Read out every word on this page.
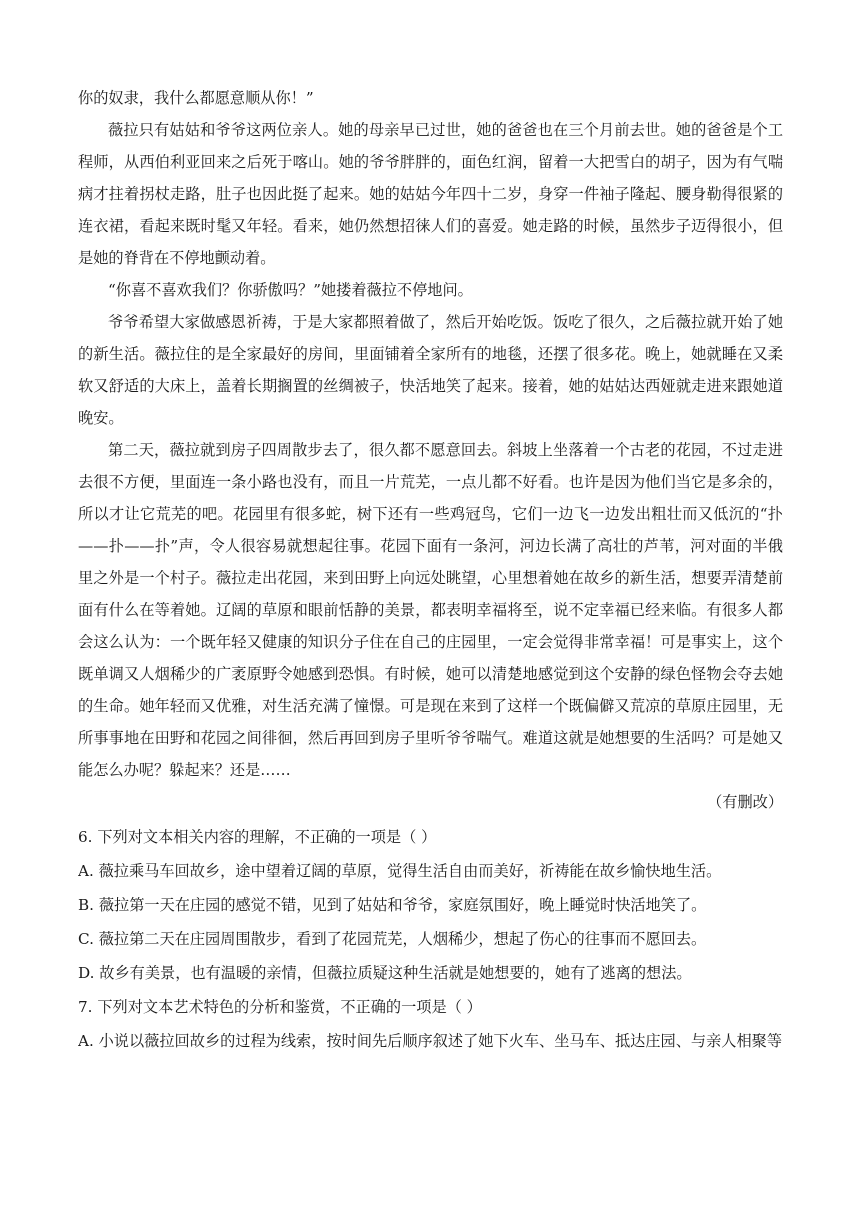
你的奴隶，我什么都愿意顺从你！”
薇拉只有姑姑和爷爷这两位亲人。她的母亲早已过世，她的爸爸也在三个月前去世。她的爸爸是个工
程师，从西伯利亚回来之后死于喀山。她的爷爷胖胖的，面色红润，留着一大把雪白的胡子，因为有气喘
病才拄着拐杖走路，肚子也因此挺了起来。她的姑姑今年四十二岁，身穿一件袖子隆起、腰身勒得很紧的
连衣裙，看起来既时髦又年轻。看来，她仍然想招徕人们的喜爱。她走路的时候，虽然步子迈得很小，但
是她的脊背在不停地颤动着。
“你喜不喜欢我们？你骄傲吗？”她搂着薇拉不停地问。
爷爷希望大家做感恩祈祷，于是大家都照着做了，然后开始吃饭。饭吃了很久，之后薇拉就开始了她
的新生活。薇拉住的是全家最好的房间，里面铺着全家所有的地毯，还摆了很多花。晚上，她就睡在又柔
软又舒适的大床上，盖着长期搁置的丝绸被子，快活地笑了起来。接着，她的姑姑达西娅就走进来跟她道
晚安。
第二天，薇拉就到房子四周散步去了，很久都不愿意回去。斜坡上坐落着一个古老的花园，不过走进
去很不方便，里面连一条小路也没有，而且一片荒芜，一点儿都不好看。也许是因为他们当它是多余的，
所以才让它荒芜的吧。花园里有很多蛇，树下还有一些鸡冠鸟，它们一边飞一边发出粗壮而又低沉的“扑
——扑——扑”声，令人很容易就想起往事。花园下面有一条河，河边长满了高壮的芦苇，河对面的半俄
里之外是一个村子。薇拉走出花园，来到田野上向远处眺望，心里想着她在故乡的新生活，想要弄清楚前
面有什么在等着她。辽阔的草原和眼前恬静的美景，都表明幸福将至，说不定幸福已经来临。有很多人都
会这么认为：一个既年轻又健康的知识分子住在自己的庄园里，一定会觉得非常幸福！可是事实上，这个
既单调又人烟稀少的广袤原野令她感到恐惧。有时候，她可以清楚地感觉到这个安静的绿色怪物会夺去她
的生命。她年轻而又优雅，对生活充满了憧憬。可是现在来到了这样一个既偏僻又荒凉的草原庄园里，无
所事事地在田野和花园之间徘徊，然后再回到房子里听爷爷喘气。难道这就是她想要的生活吗？可是她又
能怎么办呢？躲起来？还是……
（有删改）
6. 下列对文本相关内容的理解，不正确的一项是（ ）
A. 薇拉乘马车回故乡，途中望着辽阔的草原，觉得生活自由而美好，祈祷能在故乡愉快地生活。
B. 薇拉第一天在庄园的感觉不错，见到了姑姑和爷爷，家庭氛围好，晚上睡觉时快活地笑了。
C. 薇拉第二天在庄园周围散步，看到了花园荒芜，人烟稀少，想起了伤心的往事而不愿回去。
D. 故乡有美景，也有温暖的亲情，但薇拉质疑这种生活就是她想要的，她有了逃离的想法。
7. 下列对文本艺术特色的分析和鉴赏，不正确的一项是（ ）
A. 小说以薇拉回故乡的过程为线索，按时间先后顺序叙述了她下火车、坐马车、抵达庄园、与亲人相聚等
